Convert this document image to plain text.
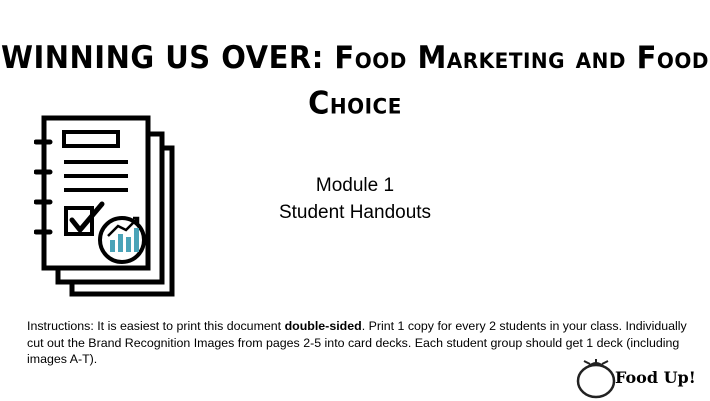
WINNING US OVER: Food Marketing and Food
Choice
Module 1
Student Handouts
Instructions: It is easiest to print this document double-sided. Print 1 copy for every 2 students in your class. Individually cut out the Brand Recognition Images from pages 2-5 into card decks. Each student group should get 1 deck (including images A-T).
Food Up!
